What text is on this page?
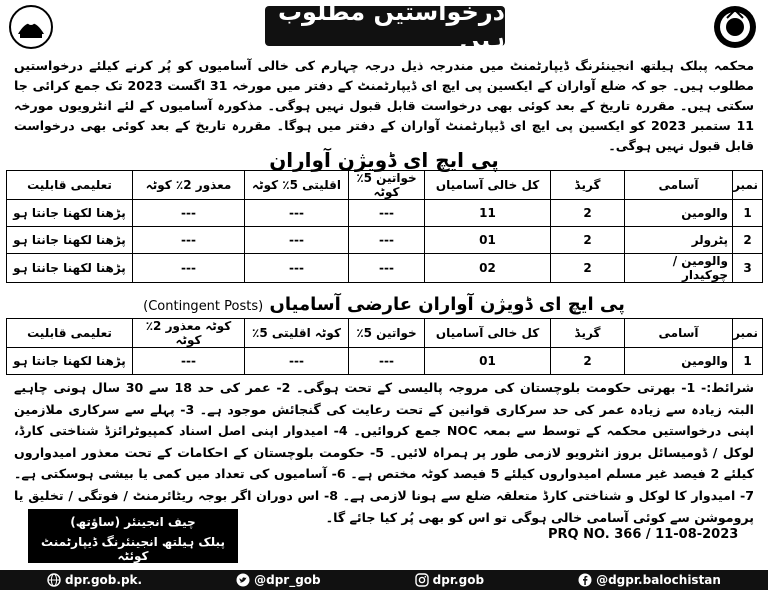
درخواستیں مطلوب ہیں
محکمہ پبلک ہیلتھ انجینئرنگ ڈیپارٹمنٹ میں مندرجہ ذیل درجہ چہارم کی خالی آسامیوں کو پُر کرنے کیلئے درخواستیں مطلوب ہیں۔ جو کہ ضلع آواران کے ایکسین پی ایچ ای ڈیپارٹمنٹ کے دفتر میں مورخہ 31 اگست 2023 تک جمع کرائی جا سکتی ہیں۔ مقررہ تاریخ کے بعد کوئی بھی درخواست قابل قبول نہیں ہوگی۔ مذکورہ آسامیوں کے لئے انٹرویوں مورخہ 11 ستمبر 2023 کو ایکسین پی ایچ ای ڈیپارٹمنٹ آواران کے دفتر میں ہوگا۔ مقررہ تاریخ کے بعد کوئی بھی درخواست قابل قبول نہیں ہوگی۔
پی ایچ ای ڈویژن آواران
نمبر	آسامی	گریڈ	کل خالی آسامیاں	خواتین 5٪ کوٹہ	اقلیتی 5٪ کوٹہ	معذور 2٪ کوٹہ	تعلیمی قابلیت
1	والومین	2	11	---	---	---	پڑھنا لکھنا جانتا ہو
2	پٹرولر	2	01	---	---	---	پڑھنا لکھنا جانتا ہو
3	والومین / چوکیدار	2	02	---	---	---	پڑھنا لکھنا جانتا ہو
پی ایچ ای ڈویژن آواران عارضی آسامیاں (Contingent Posts)
نمبر	آسامی	گریڈ	کل خالی آسامیاں	خواتین 5٪	کوٹہ اقلیتی 5٪	کوٹہ معذور 2٪ کوٹہ	تعلیمی قابلیت
1	والومین	2	01	---	---	---	پڑھنا لکھنا جانتا ہو
شرائط:- 1- بھرتی حکومت بلوچستان کی مروجہ پالیسی کے تحت ہوگی۔ 2- عمر کی حد 18 سے 30 سال ہونی چاہیے البتہ زیادہ سے زیادہ عمر کی حد سرکاری قوانین کے تحت رعایت کی گنجائش موجود ہے۔ 3- پہلے سے سرکاری ملازمین اپنی درخواستیں محکمہ کے توسط سے بمعہ NOC جمع کروائیں۔ 4- امیدوار اپنی اصل اسناد کمپیوٹرائزڈ شناختی کارڈ، لوکل / ڈومیسائل بروز انٹرویو لازمی طور پر ہمراہ لائیں۔ 5- حکومت بلوچستان کے احکامات کے تحت معذور امیدواروں کیلئے 2 فیصد غیر مسلم امیدواروں کیلئے 5 فیصد کوٹہ مختص ہے۔ 6- آسامیوں کی تعداد میں کمی یا بیشی ہوسکتی ہے۔ 7- امیدوار کا لوکل و شناختی کارڈ متعلقہ ضلع سے ہونا لازمی ہے۔ 8- اس دوران اگر بوجہ ریٹائرمنٹ / فوتگی / تخلیق یا پروموشن سے کوئی آسامی خالی ہوگی تو اس کو بھی پُر کیا جائے گا۔
چیف انجینئر (ساؤتھ)
پبلک ہیلتھ انجینئرنگ ڈیپارٹمنٹ کوئٹہ
PRQ NO. 366 / 11-08-2023
dpr.gob.pk.	@dpr_gob	dpr.gob	@dgpr.balochistan
